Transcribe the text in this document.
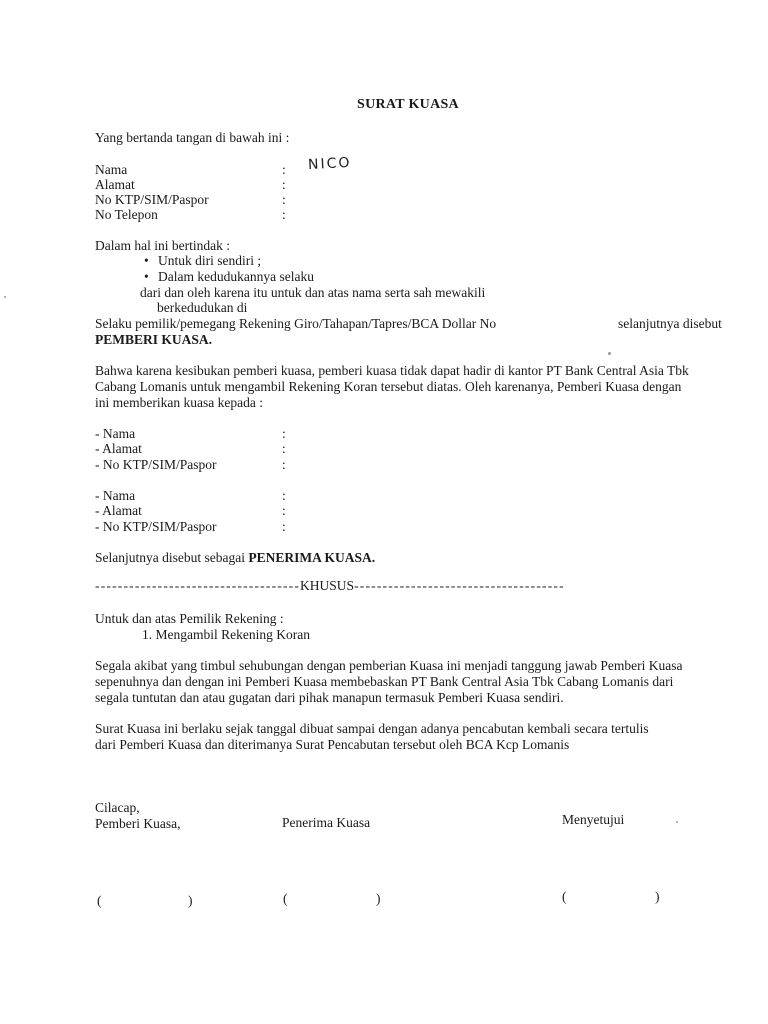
SURAT KUASA
Yang bertanda tangan di bawah ini :
Nama	: NICO
Alamat	:
No KTP/SIM/Paspor	:
No Telepon	:
Dalam hal ini bertindak :
• Untuk diri sendiri ;
• Dalam kedudukannya selaku
dari dan oleh karena itu untuk dan atas nama serta sah mewakili
berkedudukan di
Selaku pemilik/pemegang Rekening Giro/Tahapan/Tapres/BCA Dollar No	selanjutnya disebut
PEMBERI KUASA.
Bahwa karena kesibukan pemberi kuasa, pemberi kuasa tidak dapat hadir di kantor PT Bank Central Asia Tbk
Cabang Lomanis untuk mengambil Rekening Koran tersebut diatas. Oleh karenanya, Pemberi Kuasa dengan
ini memberikan kuasa kepada :
- Nama	:
- Alamat	:
- No KTP/SIM/Paspor	:
- Nama	:
- Alamat	:
- No KTP/SIM/Paspor	:
Selanjutnya disebut sebagai PENERIMA KUASA.
------------------------------------KHUSUS-------------------------------------
Untuk dan atas Pemilik Rekening :
1. Mengambil Rekening Koran
Segala akibat yang timbul sehubungan dengan pemberian Kuasa ini menjadi tanggung jawab Pemberi Kuasa
sepenuhnya dan dengan ini Pemberi Kuasa membebaskan PT Bank Central Asia Tbk Cabang Lomanis dari
segala tuntutan dan atau gugatan dari pihak manapun termasuk Pemberi Kuasa sendiri.
Surat Kuasa ini berlaku sejak tanggal dibuat sampai dengan adanya pencabutan kembali secara tertulis
dari Pemberi Kuasa dan diterimanya Surat Pencabutan tersebut oleh BCA Kcp Lomanis
Cilacap,
Pemberi Kuasa,	Penerima Kuasa	Menyetujui
(	)	(	)	(	)
